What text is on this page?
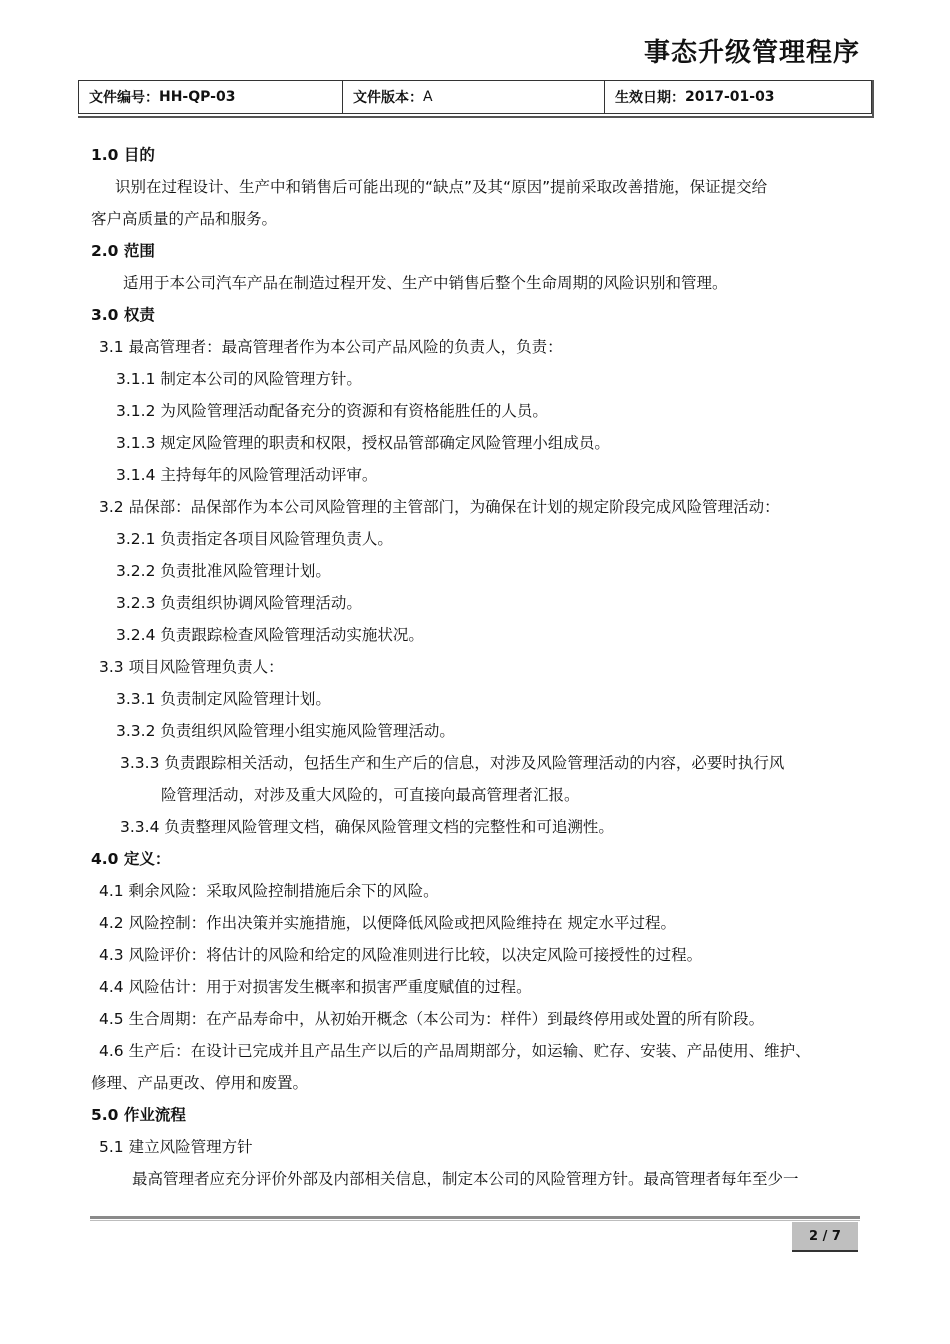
事态升级管理程序
文件编号： HH-QP-03	文件版本： A	生效日期： 2017-01-03
1.0 目的
识别在过程设计、生产中和销售后可能出现的“缺点”及其“原因”提前采取改善措施，保证提交给
客户高质量的产品和服务。
2.0 范围
适用于本公司汽车产品在制造过程开发、生产中销售后整个生命周期的风险识别和管理。
3.0 权责
3.1 最高管理者：最高管理者作为本公司产品风险的负责人，负责：
3.1.1 制定本公司的风险管理方针。
3.1.2 为风险管理活动配备充分的资源和有资格能胜任的人员。
3.1.3 规定风险管理的职责和权限，授权品管部确定风险管理小组成员。
3.1.4 主持每年的风险管理活动评审。
3.2 品保部：品保部作为本公司风险管理的主管部门，为确保在计划的规定阶段完成风险管理活动：
3.2.1 负责指定各项目风险管理负责人。
3.2.2 负责批准风险管理计划。
3.2.3 负责组织协调风险管理活动。
3.2.4 负责跟踪检查风险管理活动实施状况。
3.3 项目风险管理负责人：
3.3.1 负责制定风险管理计划。
3.3.2 负责组织风险管理小组实施风险管理活动。
3.3.3 负责跟踪相关活动，包括生产和生产后的信息，对涉及风险管理活动的内容，必要时执行风
险管理活动，对涉及重大风险的，可直接向最高管理者汇报。
3.3.4 负责整理风险管理文档，确保风险管理文档的完整性和可追溯性。
4.0 定义：
4.1 剩余风险：采取风险控制措施后余下的风险。
4.2 风险控制：作出决策并实施措施，以便降低风险或把风险维持在 规定水平过程。
4.3 风险评价：将估计的风险和给定的风险准则进行比较，以决定风险可接授性的过程。
4.4 风险估计：用于对损害发生概率和损害严重度赋值的过程。
4.5 生合周期：在产品寿命中，从初始开概念（本公司为：样件）到最终停用或处置的所有阶段。
4.6 生产后：在设计已完成并且产品生产以后的产品周期部分，如运输、贮存、安装、产品使用、维护、
修理、产品更改、停用和废置。
5.0 作业流程
5.1 建立风险管理方针
最高管理者应充分评价外部及内部相关信息，制定本公司的风险管理方针。最高管理者每年至少一
2 / 7
